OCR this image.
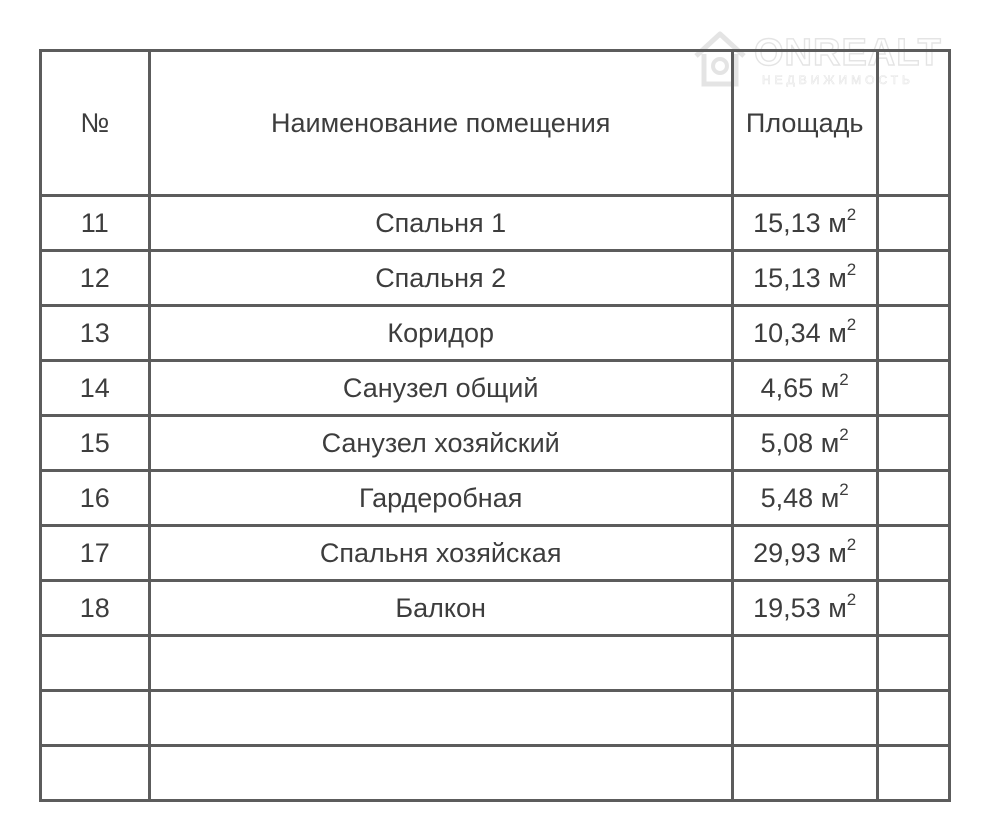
ONREALT
НЕДВИЖИМОСТЬ
№	Наименование помещения	Площадь	
11	Спальня 1	15,13 $м^2$	
12	Спальня 2	15,13 $м^2$	
13	Коридор	10,34 $м^2$	
14	Санузел общий	4,65 $м^2$	
15	Санузел хозяйский	5,08 $м^2$	
16	Гардеробная	5,48 $м^2$	
17	Спальня хозяйская	29,93 $м^2$	
18	Балкон	19,53 $м^2$	
